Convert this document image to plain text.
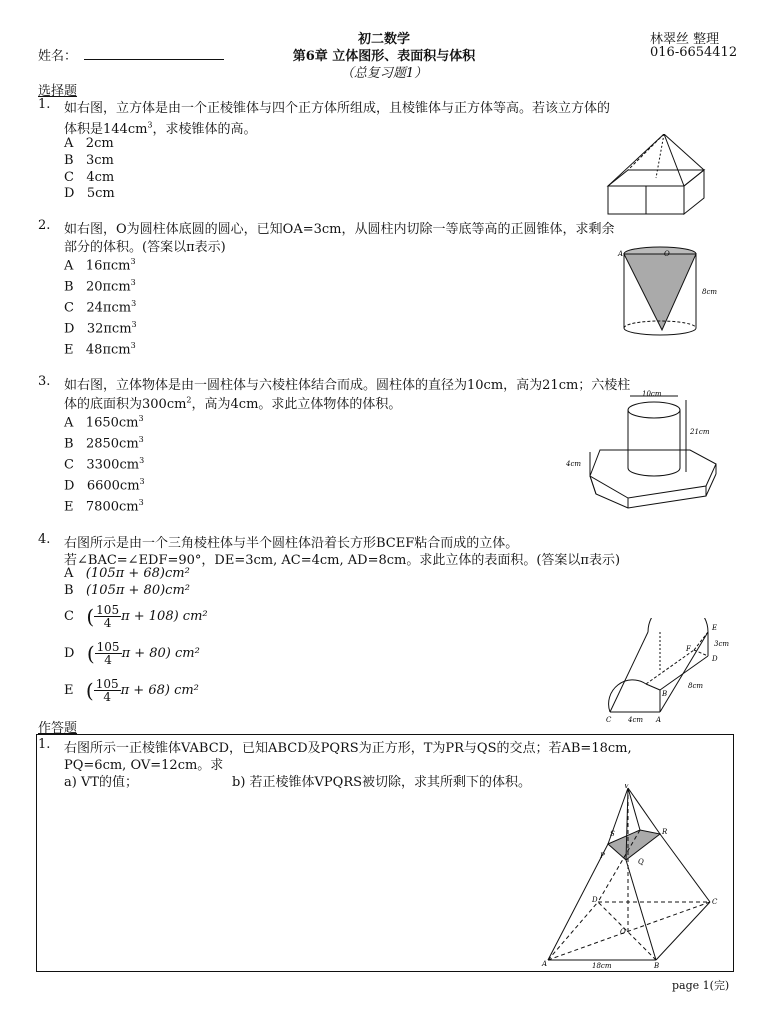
初二数学
第6章 立体图形、表面积与体积
（总复习题1）
姓名：
林翠丝 整理
016-6654412
选择题
1. 如右图，立方体是由一个正棱锥体与四个正方体所组成，且棱锥体与正方体等高。若该立方体的
体积是$144cm^3$，求棱锥体的高。
A 2cm
B 3cm
C 4cm
D 5cm
2. 如右图，O为圆柱体底圆的圆心，已知OA=3cm，从圆柱内切除一等底等高的正圆锥体，求剩余
部分的体积。(答案以π表示)
A 16πcm$^3$
B 20πcm$^3$
C 24πcm$^3$
D 32πcm$^3$
E 48πcm$^3$
A	O
8cm
3. 如右图，立体物体是由一圆柱体与六棱柱体结合而成。圆柱体的直径为10cm，高为21cm；六棱柱
体的底面积为$300cm^2$，高为4cm。求此立体物体的体积。
A $1650cm^3$
B $2850cm^3$
C $3300cm^3$
D $6600cm^3$
E $7800cm^3$
10cm
21cm
4cm
4. 右图所示是由一个三角棱柱体与半个圆柱体沿着长方形BCEF粘合而成的立体。
若∠BAC=∠EDF=90°，DE=3cm, AC=4cm, AD=8cm。求此立体的表面积。(答案以π表示)
A (105π + 68)cm²
B (105π + 80)cm²
C ( $\frac{105}{4}$ π + 108) cm²
D ( $\frac{105}{4}$ π + 80) cm²
E ( $\frac{105}{4}$ π + 68) cm²
E
D
F
B
C	A
3cm
8cm
4cm
作答题
1. 右图所示一正棱锥体VABCD，已知ABCD及PQRS为正方形，T为PR与QS的交点；若AB=18cm,
PQ=6cm, OV=12cm。求
a) VT的值；	b) 若正棱锥体VPQRS被切除，求其所剩下的体积。	V
S	R
P
Q
D	C
A	B
O
18cm
page 1(完)
